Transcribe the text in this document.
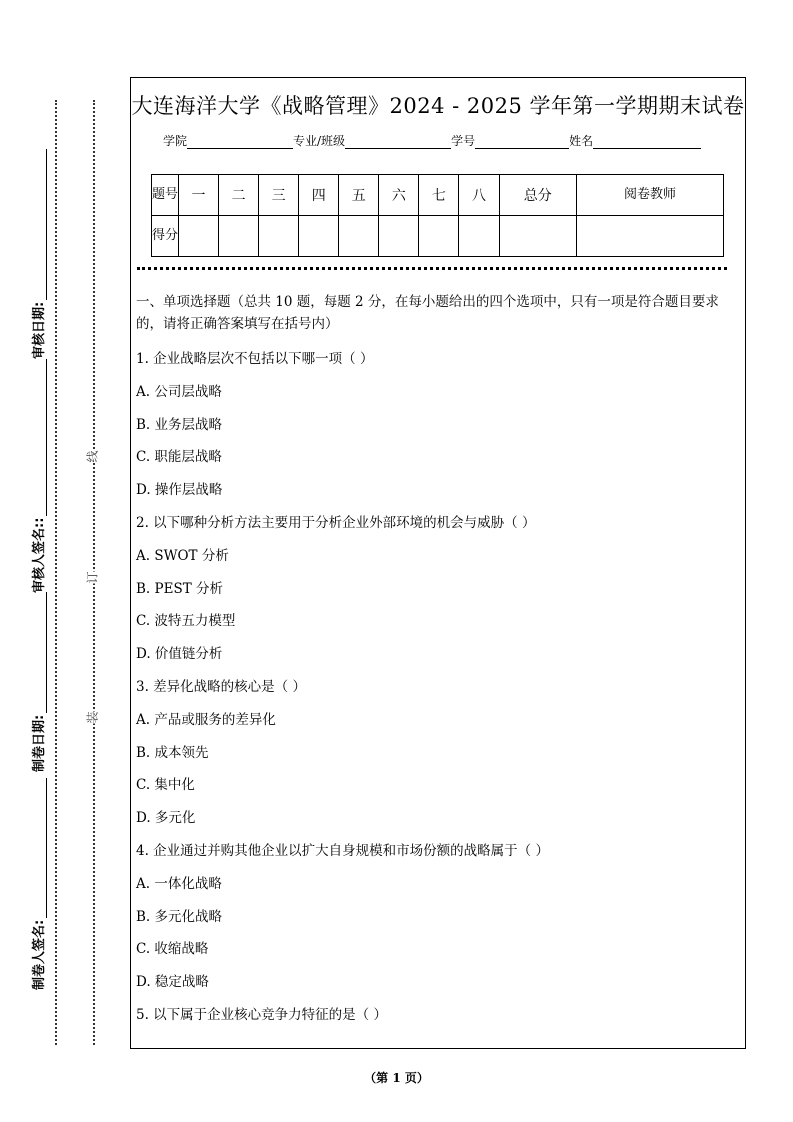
审核日期:
审核人签名::
制卷日期:
制卷人签名:
线
订
装
大连海洋大学《战略管理》2024 - 2025 学年第一学期期末试卷
学院	专业/班级	学号	姓名
题号	一	二	三	四	五	六	七	八	总分	阅卷教师
得分										
一、单项选择题（总共 10 题，每题 2 分，在每小题给出的四个选项中，只有一项是符合题目要求的，请将正确答案填写在括号内）
1. 企业战略层次不包括以下哪一项（ ）
A. 公司层战略
B. 业务层战略
C. 职能层战略
D. 操作层战略
2. 以下哪种分析方法主要用于分析企业外部环境的机会与威胁（ ）
A. SWOT 分析
B. PEST 分析
C. 波特五力模型
D. 价值链分析
3. 差异化战略的核心是（ ）
A. 产品或服务的差异化
B. 成本领先
C. 集中化
D. 多元化
4. 企业通过并购其他企业以扩大自身规模和市场份额的战略属于（ ）
A. 一体化战略
B. 多元化战略
C. 收缩战略
D. 稳定战略
5. 以下属于企业核心竞争力特征的是（ ）
（第 1 页）
